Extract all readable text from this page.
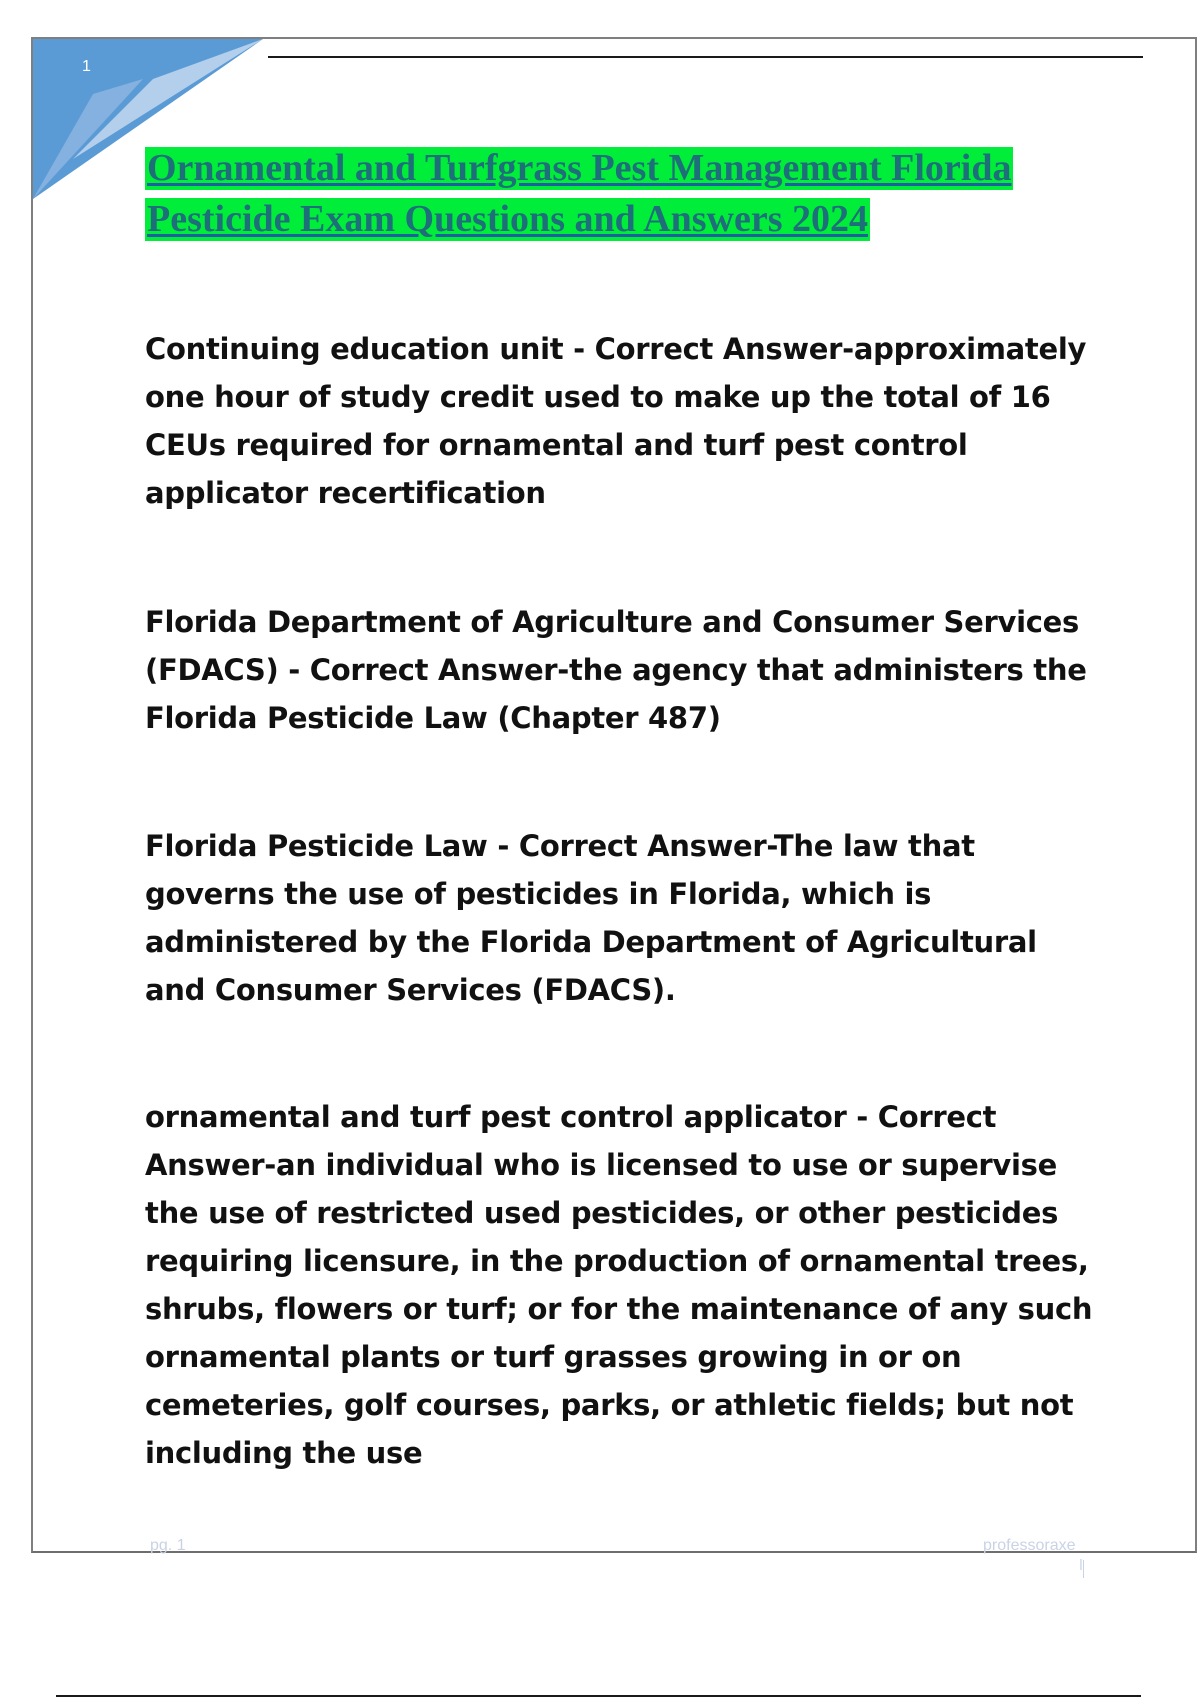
1
Ornamental and Turfgrass Pest Management Florida Pesticide Exam Questions and Answers 2024

Continuing education unit - Correct Answer-approximately one hour of study credit used to make up the total of 16 CEUs required for ornamental and turf pest control applicator recertification

Florida Department of Agriculture and Consumer Services (FDACS) - Correct Answer-the agency that administers the Florida Pesticide Law (Chapter 487)

Florida Pesticide Law - Correct Answer-The law that governs the use of pesticides in Florida, which is administered by the Florida Department of Agricultural and Consumer Services (FDACS).

ornamental and turf pest control applicator - Correct Answer-an individual who is licensed to use or supervise the use of restricted used pesticides, or other pesticides requiring licensure, in the production of ornamental trees, shrubs, flowers or turf; or for the maintenance of any such ornamental plants or turf grasses growing in or on cemeteries, golf courses, parks, or athletic fields; but not including the use

pg. 1	professoraxe
l
